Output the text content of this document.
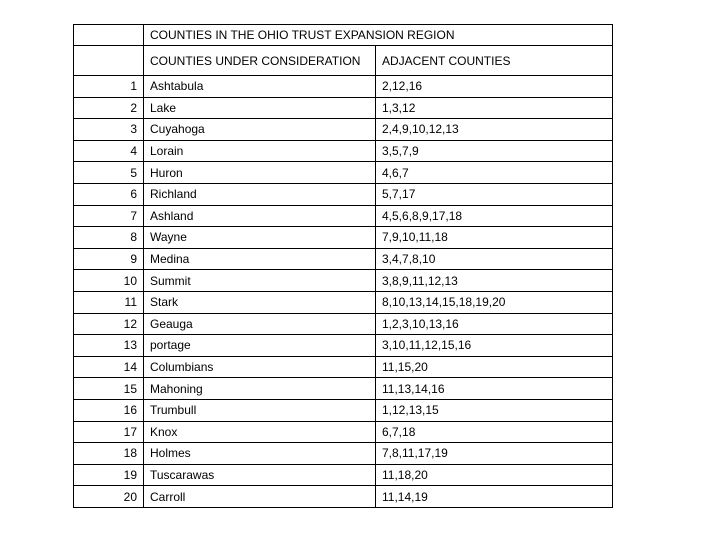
	COUNTIES IN THE OHIO TRUST EXPANSION REGION	
	COUNTIES UNDER CONSIDERATION	ADJACENT COUNTIES
1	Ashtabula	2,12,16
2	Lake	1,3,12
3	Cuyahoga	2,4,9,10,12,13
4	Lorain	3,5,7,9
5	Huron	4,6,7
6	Richland	5,7,17
7	Ashland	4,5,6,8,9,17,18
8	Wayne	7,9,10,11,18
9	Medina	3,4,7,8,10
10	Summit	3,8,9,11,12,13
11	Stark	8,10,13,14,15,18,19,20
12	Geauga	1,2,3,10,13,16
13	portage	3,10,11,12,15,16
14	Columbians	11,15,20
15	Mahoning	11,13,14,16
16	Trumbull	1,12,13,15
17	Knox	6,7,18
18	Holmes	7,8,11,17,19
19	Tuscarawas	11,18,20
20	Carroll	11,14,19
